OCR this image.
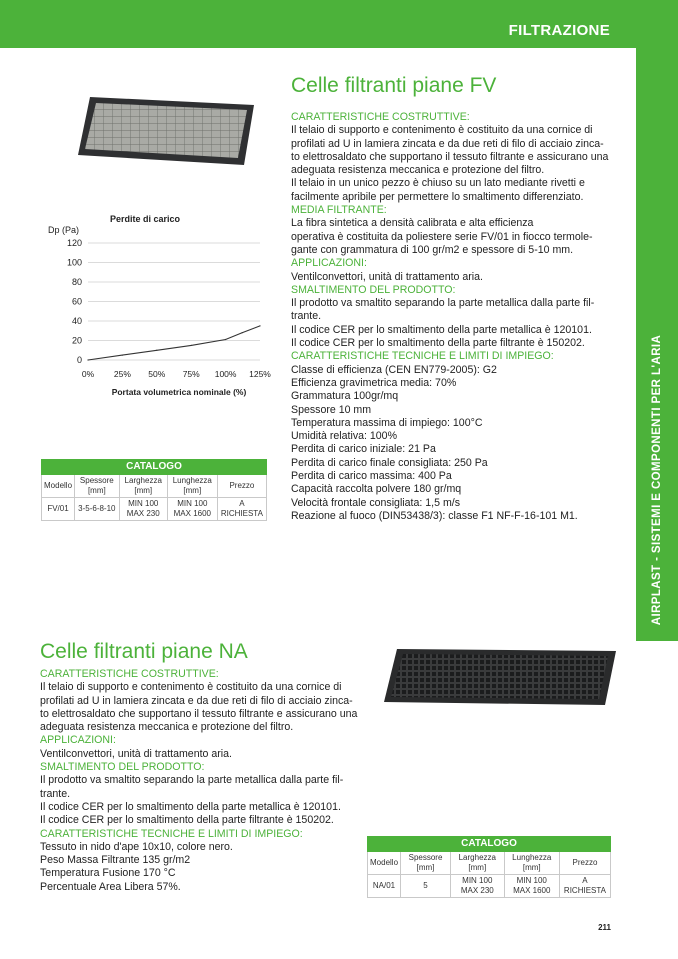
FILTRAZIONE
AIRPLAST - SISTEMI E COMPONENTI PER L'ARIA
Celle filtranti piane FV

CARATTERISTICHE COSTRUTTIVE:

Il telaio di supporto e contenimento è costituito da una cornice di

profilati ad U in lamiera zincata e da due reti di filo di acciaio zinca-

to elettrosaldato che supportano il tessuto filtrante e assicurano una

adeguata resistenza meccanica e protezione del filtro.

Il telaio in un unico pezzo è chiuso su un lato mediante rivetti e

facilmente apribile per permettere lo smaltimento differenziato.

MEDIA FILTRANTE:

La fibra sintetica a densità calibrata e alta efficienza

operativa è costituita da poliestere serie FV/01 in fiocco termole-

gante con grammatura di 100 gr/m2 e spessore di 5-10 mm.

APPLICAZIONI:

Ventilconvettori, unità di trattamento aria.

SMALTIMENTO DEL PRODOTTO:

Il prodotto va smaltito separando la parte metallica dalla parte fil-

trante.

Il codice CER per lo smaltimento della parte metallica è 120101.

Il codice CER per lo smaltimento della parte filtrante è 150202.

CARATTERISTICHE TECNICHE E LIMITI DI IMPIEGO:

Classe di efficienza (CEN EN779-2005): G2

Efficienza gravimetrica media: 70%

Grammatura 100gr/mq

Spessore 10 mm

Temperatura massima di impiego: 100°C

Umidità relativa: 100%

Perdita di carico iniziale: 21 Pa

Perdita di carico finale consigliata: 250 Pa

Perdita di carico massima: 400 Pa

Capacità raccolta polvere 180 gr/mq

Velocità frontale consigliata: 1,5 m/s

Reazione al fuoco (DIN53438/3): classe F1 NF-F-16-101 M1.

Perdite di carico
Dp (Pa)
0
20
40
60
80
100
120
0% 25% 50% 75% 100% 125%
Portata volumetrica nominale (%)
CATALOGO				
Modello	Spessore [mm]	Larghezza [mm]	Lunghezza [mm]	Prezzo
FV/01	3-5-6-8-10	MIN 100
MAX 230	MIN 100
MAX 1600	A RICHIESTA
Celle filtranti piane NA

CARATTERISTICHE COSTRUTTIVE:

Il telaio di supporto e contenimento è costituito da una cornice di

profilati ad U in lamiera zincata e da due reti di filo di acciaio zinca-

to elettrosaldato che supportano il tessuto filtrante e assicurano una

adeguata resistenza meccanica e protezione del filtro.

APPLICAZIONI:

Ventilconvettori, unità di trattamento aria.

SMALTIMENTO DEL PRODOTTO:

Il prodotto va smaltito separando la parte metallica dalla parte fil-

trante.

Il codice CER per lo smaltimento della parte metallica è 120101.

Il codice CER per lo smaltimento della parte filtrante è 150202.

CARATTERISTICHE TECNICHE E LIMITI DI IMPIEGO:

Tessuto in nido d'ape 10x10, colore nero.

Peso Massa Filtrante 135 gr/m2

Temperatura Fusione 170 °C

Percentuale Area Libera 57%.

CATALOGO				
Modello	Spessore [mm]	Larghezza [mm]	Lunghezza [mm]	Prezzo
NA/01	5	MIN 100
MAX 230	MIN 100
MAX 1600	A RICHIESTA
211
